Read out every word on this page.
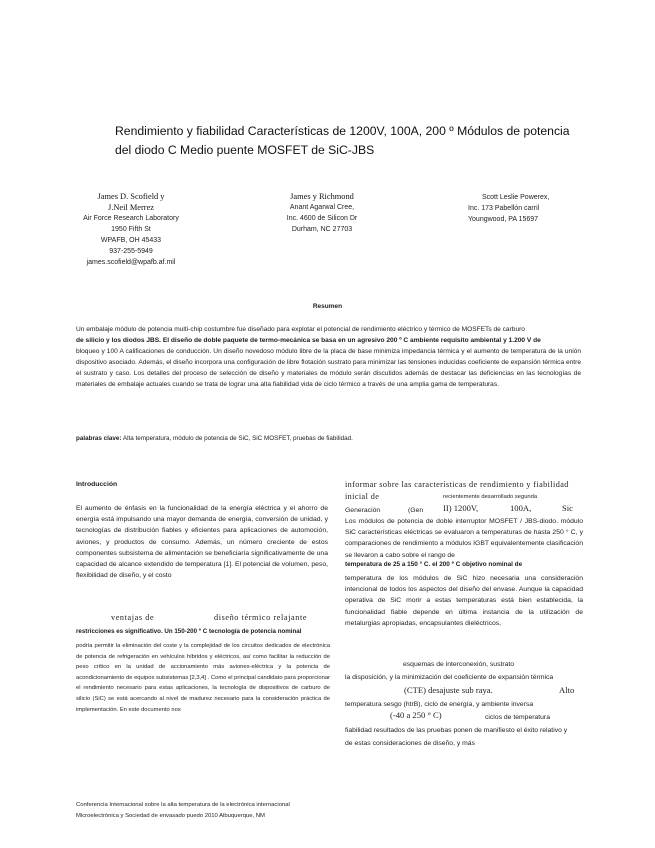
Rendimiento y fiabilidad Características de 1200V, 100A, 200 º Módulos de potencia
del diodo C Medio puente MOSFET de SiC-JBS
James D. Scofield y
J.Neil Merrez
Air Force Research Laboratory
1950 Fifth St
WPAFB, OH 45433
937-255-5949
james.scofield@wpafb.af.mil
James y Richmond
Anant Agarwal Cree,
Inc. 4600 de Silicon Dr
Durham, NC 27703
Scott Leslie Powerex,
Inc. 173 Pabellón carril
Youngwood, PA 15697
Resumen
Un embalaje módulo de potencia multi-chip costumbre fue diseñado para explotar el potencial de rendimiento eléctrico y térmico de MOSFETs de carburo
de silicio y los diodos JBS. El diseño de doble paquete de termo-mecánica se basa en un agresivo 200 º C ambiente requisito ambiental y 1.200 V de
bloqueo y 100 A calificaciones de conducción. Un diseño novedoso módulo libre de la placa de base minimiza impedancia térmica y el aumento de temperatura de la unión dispositivo asociado. Además, el diseño incorpora una configuración de libre flotación sustrato para minimizar las tensiones inducidas coeficiente de expansión térmica entre el sustrato y caso. Los detalles del proceso de selección de diseño y materiales de módulo serán discutidos además de destacar las deficiencias en las tecnologías de materiales de embalaje actuales cuando se trata de lograr una alta fiabilidad vida de ciclo térmico a través de una amplia gama de temperaturas.
palabras clave: Alta temperatura, módulo de potencia de SiC, SiC MOSFET, pruebas de fiabilidad.
Introducción
El aumento de énfasis en la funcionalidad de la energía eléctrica y el ahorro de energía está impulsando una mayor demanda de energía, conversión de unidad, y tecnologías de distribución fiables y eficientes para aplicaciones de automoción, aviones, y productos de consumo. Además, un número creciente de estos componentes subsistema de alimentación se beneficiaría significativamente de una capacidad de alcance extendido de temperatura [1]. El potencial de volumen, peso, flexibilidad de diseño, y el costo
ventajas de	diseño térmico relajante
restricciones es significativo. Un 150-200 º C tecnología de potencia nominal
podría permitir la eliminación del coste y la complejidad de los circuitos dedicados de electrónica de potencia de refrigeración en vehículos híbridos y eléctricos, así como facilitar la reducción de peso crítico en la unidad de accionamiento más aviones-eléctrica y la potencia de acondicionamiento de equipos subsistemas [2,3,4] . Como el principal candidato para proporcionar el rendimiento necesario para estas aplicaciones, la tecnología de dispositivos de carburo de silicio (SiC) se está acercando al nivel de madurez necesario para la consideración práctica de implementación. En este documento nos
informar sobre las características de rendimiento y fiabilidad
inicial de	recientemente desarrollado segunda
Generación	(Gen II) 1200V,	100A,	Sic
Los módulos de potencia de doble interruptor MOSFET / JBS-diodo. módulo SiC características eléctricas se evaluaron a temperaturas de hasta 250 ° C, y comparaciones de rendimiento a módulos IGBT equivalentemente clasificación se llevaron a cabo sobre el rango de
temperatura de 25 a 150 ° C. el 200 º C objetivo nominal de
temperatura de los módulos de SiC hizo necesaria una consideración intencional de todos los aspectos del diseño del envase. Aunque la capacidad operativa de SiC morir a estas temperaturas está bien establecida, la funcionalidad fiable depende en última instancia de la utilización de metalurgias apropiadas, encapsulantes dieléctricos,
esquemas de interconexión, sustrato
la disposición, y la minimización del coeficiente de expansión térmica
(CTE) desajuste sub raya.	Alto
temperatura sesgo (htrB), ciclo de energía, y ambiente inversa
(-40 a 250 ° C)	ciclos de temperatura
fiabilidad resultados de las pruebas ponen de manifiesto el éxito relativo y
de estas consideraciones de diseño, y más
Conferencia Internacional sobre la alta temperatura de la electrónica internacional
Microelectrónica y Sociedad de envasado puedo 2010 Albuquerque, NM
